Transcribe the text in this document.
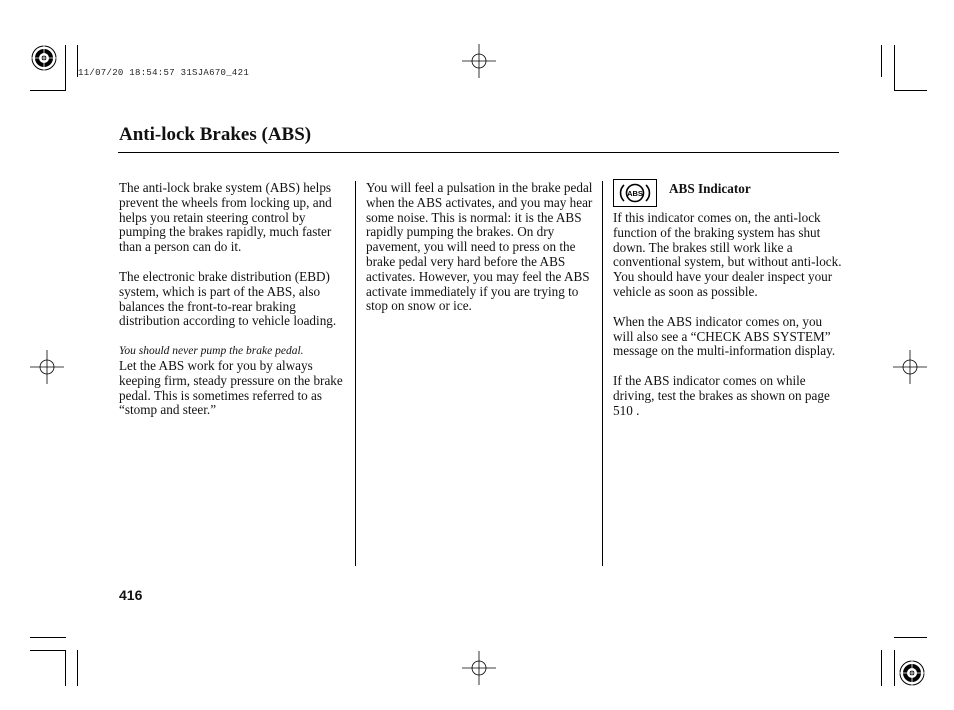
11/07/20 18:54:57 31SJA670_421
Anti-lock Brakes (ABS)

The anti-lock brake system (ABS) helps prevent the wheels from locking up, and helps you retain steering control by pumping the brakes rapidly, much faster than a person can do it.

The electronic brake distribution (EBD) system, which is part of the ABS, also balances the front-to-rear braking distribution according to vehicle loading.

You should never pump the brake pedal.
Let the ABS work for you by always keeping firm, steady pressure on the brake pedal. This is sometimes referred to as “stomp and steer.”

You will feel a pulsation in the brake pedal when the ABS activates, and you may hear some noise. This is normal: it is the ABS rapidly pumping the brakes. On dry pavement, you will need to press on the brake pedal very hard before the ABS activates. However, you may feel the ABS activate immediately if you are trying to stop on snow or ice.

ABS ABS Indicator

If this indicator comes on, the anti-lock function of the braking system has shut down. The brakes still work like a conventional system, but without anti-lock. You should have your dealer inspect your vehicle as soon as possible.

When the ABS indicator comes on, you will also see a “CHECK ABS SYSTEM” message on the multi-information display.

If the ABS indicator comes on while driving, test the brakes as shown on page 510 .

416
